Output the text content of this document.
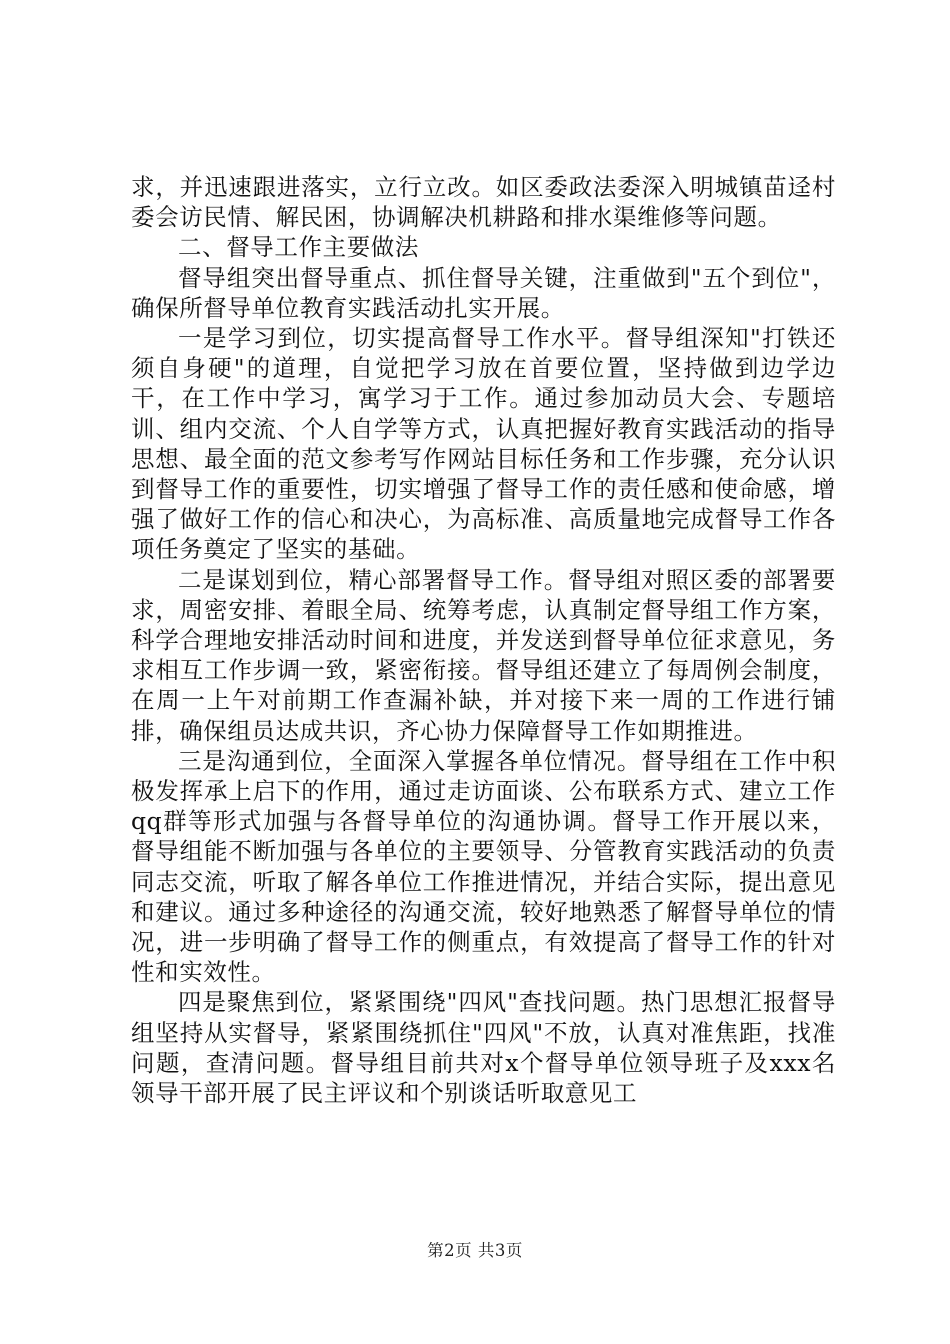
求，并迅速跟进落实，立行立改。如区委政法委深入明城镇苗迳村委会访民情、解民困，协调解决机耕路和排水渠维修等问题。

二、督导工作主要做法

督导组突出督导重点、抓住督导关键，注重做到"五个到位"，确保所督导单位教育实践活动扎实开展。

一是学习到位，切实提高督导工作水平。督导组深知"打铁还须自身硬"的道理，自觉把学习放在首要位置，坚持做到边学边干，在工作中学习，寓学习于工作。通过参加动员大会、专题培训、组内交流、个人自学等方式，认真把握好教育实践活动的指导思想、最全面的范文参考写作网站目标任务和工作步骤，充分认识到督导工作的重要性，切实增强了督导工作的责任感和使命感，增强了做好工作的信心和决心，为高标准、高质量地完成督导工作各项任务奠定了坚实的基础。

二是谋划到位，精心部署督导工作。督导组对照区委的部署要求，周密安排、着眼全局、统筹考虑，认真制定督导组工作方案，科学合理地安排活动时间和进度，并发送到督导单位征求意见，务求相互工作步调一致，紧密衔接。督导组还建立了每周例会制度，在周一上午对前期工作查漏补缺，并对接下来一周的工作进行铺排，确保组员达成共识，齐心协力保障督导工作如期推进。

三是沟通到位，全面深入掌握各单位情况。督导组在工作中积极发挥承上启下的作用，通过走访面谈、公布联系方式、建立工作qq群等形式加强与各督导单位的沟通协调。督导工作开展以来，督导组能不断加强与各单位的主要领导、分管教育实践活动的负责同志交流，听取了解各单位工作推进情况，并结合实际，提出意见和建议。通过多种途径的沟通交流，较好地熟悉了解督导单位的情况，进一步明确了督导工作的侧重点，有效提高了督导工作的针对性和实效性。

四是聚焦到位，紧紧围绕"四风"查找问题。热门思想汇报督导组坚持从实督导，紧紧围绕抓住"四风"不放，认真对准焦距，找准问题，查清问题。督导组目前共对x个督导单位领导班子及xxx名领导干部开展了民主评议和个别谈话听取意见工

第2页 共3页
